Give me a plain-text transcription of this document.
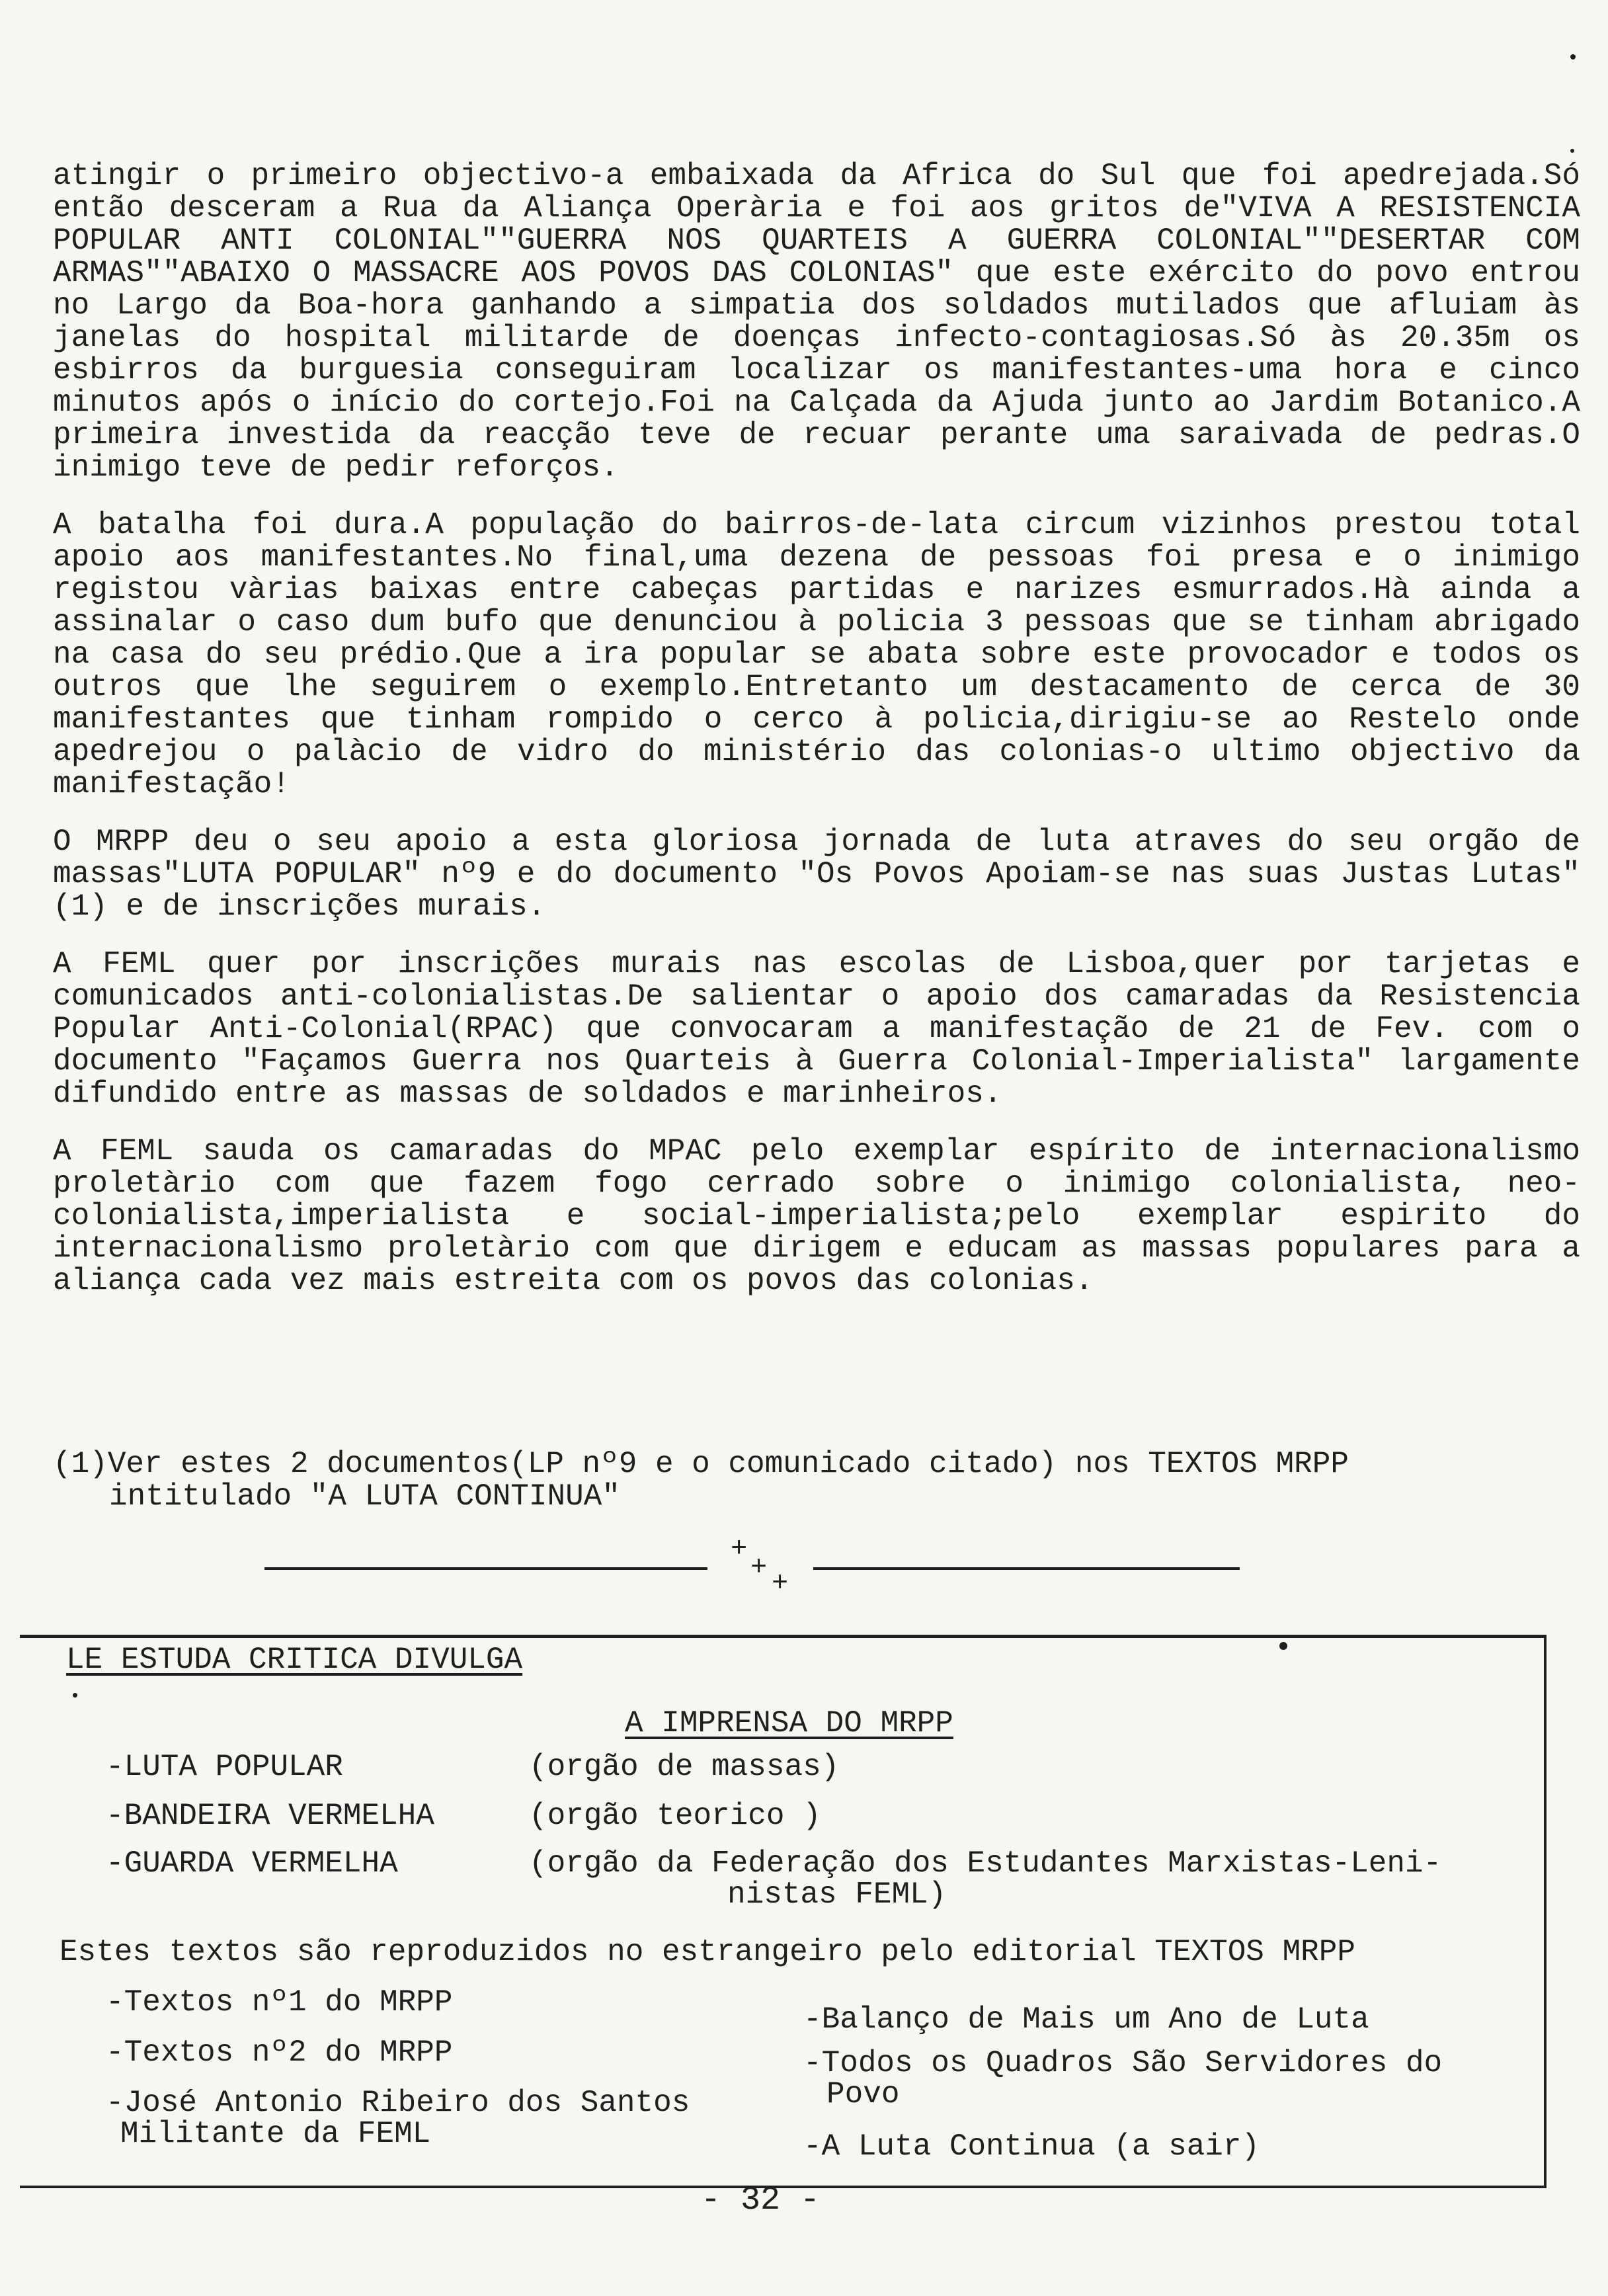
atingir o primeiro objectivo-a embaixada da Africa do Sul que foi apedrejada.Só então desceram a Rua da Aliança Operària e foi aos gritos de"VIVA A RESISTENCIA POPULAR ANTI COLONIAL""GUERRA NOS QUARTEIS A GUERRA COLONIAL""DESERTAR COM ARMAS""ABAIXO O MASSACRE AOS POVOS DAS COLONIAS" que este exército do povo entrou no Largo da Boa-hora ganhando a simpatia dos soldados mutilados que afluiam às janelas do hospital militarde de doenças infecto-contagiosas.Só às 20.35m os esbirros da burguesia conseguiram localizar os manifestantes-uma hora e cinco minutos após o início do cortejo.Foi na Calçada da Ajuda junto ao Jardim Botanico.A primeira investida da reacção teve de recuar perante uma saraivada de pedras.O inimigo teve de pedir reforços.

A batalha foi dura.A população do bairros-de-lata circum vizinhos prestou total apoio aos manifestantes.No final,uma dezena de pessoas foi presa e o inimigo registou vàrias baixas entre cabeças partidas e narizes esmurrados.Hà ainda a assinalar o caso dum bufo que denunciou à policia 3 pessoas que se tinham abrigado na casa do seu prédio.Que a ira popular se abata sobre este provocador e todos os outros que lhe seguirem o exemplo.Entretanto um destacamento de cerca de 30 manifestantes que tinham rompido o cerco à policia,dirigiu-se ao Restelo onde apedrejou o palàcio de vidro do ministério das colonias-o ultimo objectivo da manifestação!

O MRPP deu o seu apoio a esta gloriosa jornada de luta atraves do seu orgão de massas"LUTA POPULAR" nº9 e do documento "Os Povos Apoiam-se nas suas Justas Lutas"(1) e de inscrições murais.

A FEML quer por inscrições murais nas escolas de Lisboa,quer por tarjetas e comunicados anti-colonialistas.De salientar o apoio dos camaradas da Resistencia Popular Anti-Colonial(RPAC) que convocaram a manifestação de 21 de Fev. com o documento "Façamos Guerra nos Quarteis à Guerra Colonial-Imperialista" largamente difundido entre as massas de soldados e marinheiros.

A FEML sauda os camaradas do MPAC pelo exemplar espírito de internacionalismo proletàrio com que fazem fogo cerrado sobre o inimigo colonialista, neo-colonialista,imperialista e social-imperialista;pelo exemplar espirito do internacionalismo proletàrio com que dirigem e educam as massas populares para a aliança cada vez mais estreita com os povos das colonias.

(1)Ver estes 2 documentos(LP nº9 e o comunicado citado) nos TEXTOS MRPP
intitulado "A LUTA CONTINUA"
+
+ +
LE ESTUDA CRITICA DIVULGA
A IMPRENSA DO MRPP
-LUTA POPULAR	(orgão de massas)
-BANDEIRA VERMELHA	(orgão teorico )
-GUARDA VERMELHA	(orgão da Federação dos Estudantes Marxistas-Leni-
nistas FEML)
Estes textos são reproduzidos no estrangeiro pelo editorial TEXTOS MRPP
-Textos nº1 do MRPP
-Textos nº2 do MRPP
-José Antonio Ribeiro dos Santos
Militante da FEML
-Balanço de Mais um Ano de Luta
-Todos os Quadros São Servidores do
Povo
-A Luta Continua (a sair)
- 32 -
